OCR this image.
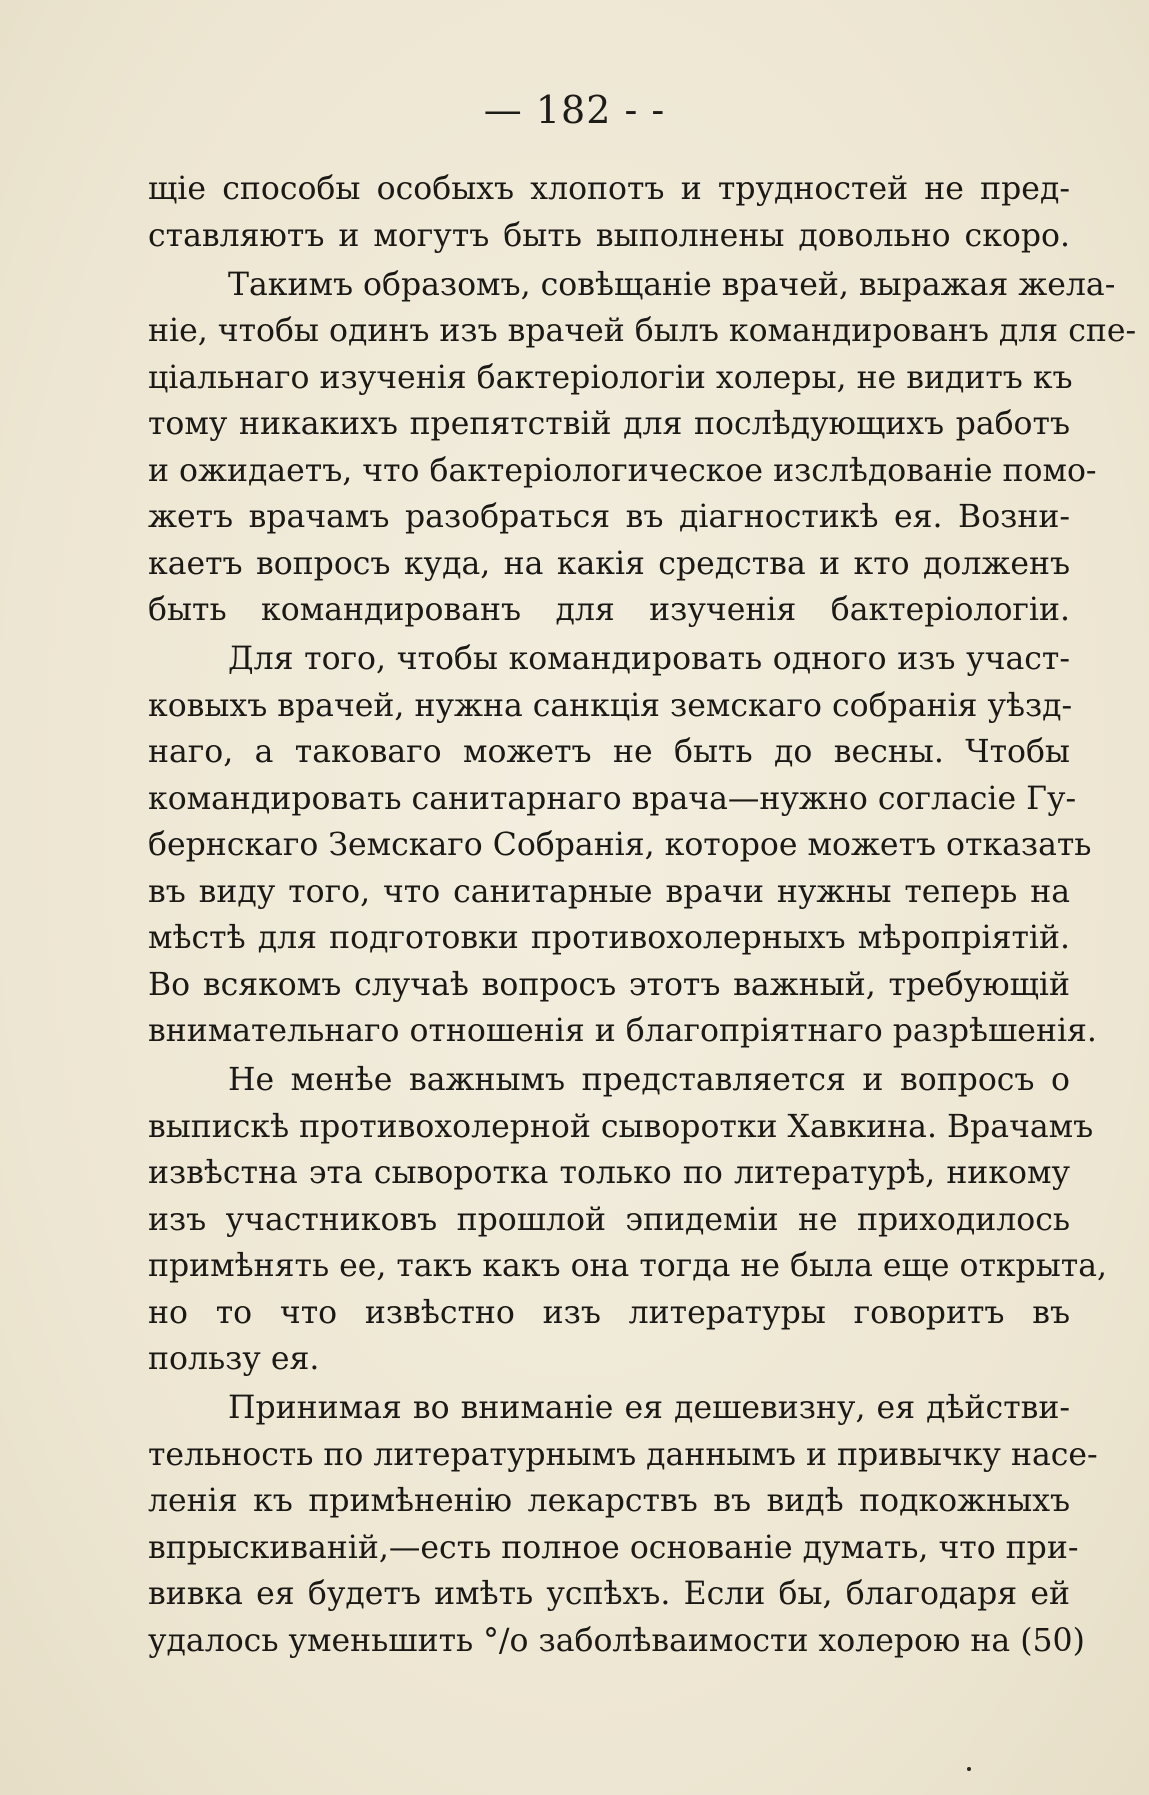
— 182 - -
щіе способы особыхъ хлопотъ и трудностей не пред-
ставляютъ и могутъ быть выполнены довольно скоро.
Такимъ образомъ, совѣщаніе врачей, выражая жела-
ніе, чтобы одинъ изъ врачей былъ командированъ для спе-
ціальнаго изученія бактеріологіи холеры, не видитъ къ
тому никакихъ препятствій для послѣдующихъ работъ
и ожидаетъ, что бактеріологическое изслѣдованіе помо-
жетъ врачамъ разобраться въ діагностикѣ ея. Возни-
каетъ вопросъ куда, на какія средства и кто долженъ
быть командированъ для изученія бактеріологіи.
Для того, чтобы командировать одного изъ участ-
ковыхъ врачей, нужна санкція земскаго собранія уѣзд-
наго, а таковаго можетъ не быть до весны. Чтобы
командировать санитарнаго врача—нужно согласіе Гу-
бернскаго Земскаго Собранія, которое можетъ отказать
въ виду того, что санитарные врачи нужны теперь на
мѣстѣ для подготовки противохолерныхъ мѣропріятій.
Во всякомъ случаѣ вопросъ этотъ важный, требующій
внимательнаго отношенія и благопріятнаго разрѣшенія.
Не менѣе важнымъ представляется и вопросъ о
выпискѣ противохолерной сыворотки Хавкина. Врачамъ
извѣстна эта сыворотка только по литературѣ, никому
изъ участниковъ прошлой эпидеміи не приходилось
примѣнять ее, такъ какъ она тогда не была еще открыта,
но то что извѣстно изъ литературы говоритъ въ
пользу ея.
Принимая во вниманіе ея дешевизну, ея дѣйстви-
тельность по литературнымъ даннымъ и привычку насе-
ленія къ примѣненію лекарствъ въ видѣ подкожныхъ
впрыскиваній,—есть полное основаніе думать, что при-
вивка ея будетъ имѣть успѣхъ. Если бы, благодаря ей
удалось уменьшить °/o заболѣваимости холерою на (50)
